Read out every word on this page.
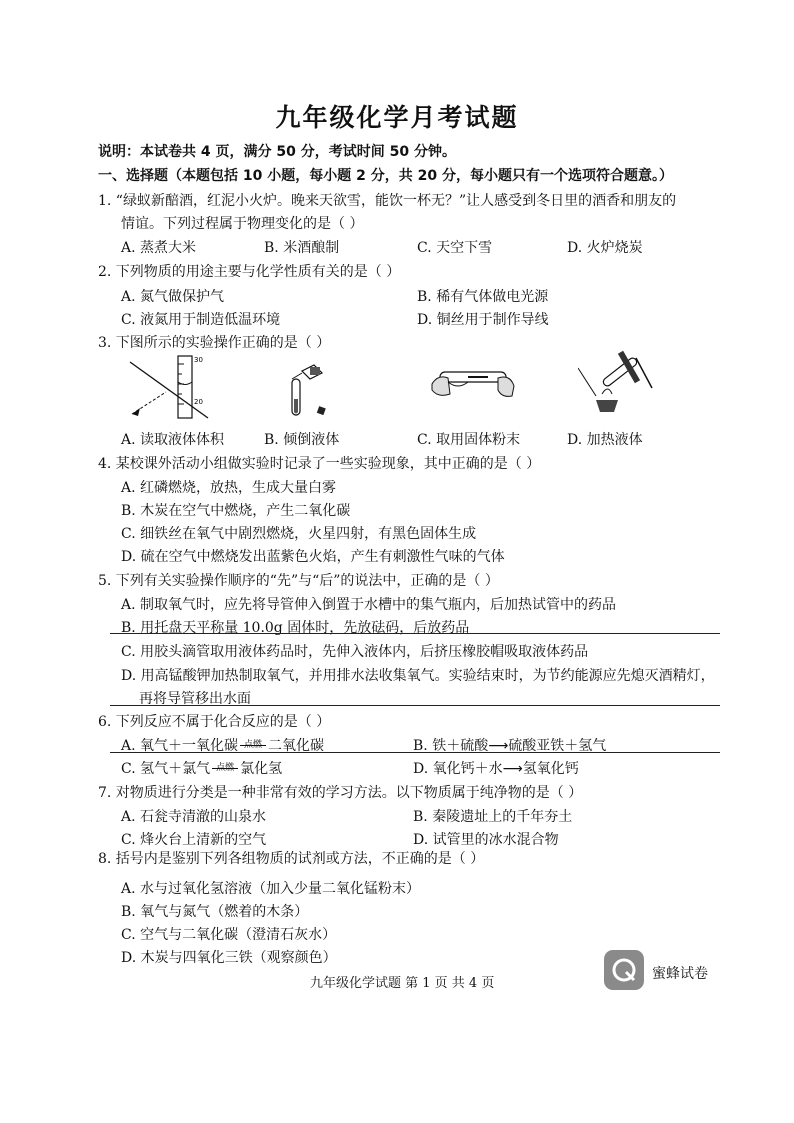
九年级化学月考试题
说明：本试卷共 4 页，满分 50 分，考试时间 50 分钟。
一、选择题（本题包括 10 小题，每小题 2 分，共 20 分，每小题只有一个选项符合题意。）
1. “绿蚁新醅酒，红泥小火炉。晚来天欲雪，能饮一杯无？”让人感受到冬日里的酒香和朋友的
情谊。下列过程属于物理变化的是（ ）
A. 蒸煮大米	B. 米酒酿制	C. 天空下雪	D. 火炉烧炭
2. 下列物质的用途主要与化学性质有关的是（ ）
A. 氮气做保护气	B. 稀有气体做电光源
C. 液氮用于制造低温环境	D. 铜丝用于制作导线
3. 下图所示的实验操作正确的是（ ）
30
20
A. 读取液体体积	B. 倾倒液体	C. 取用固体粉末	D. 加热液体
4. 某校课外活动小组做实验时记录了一些实验现象，其中正确的是（ ）
A. 红磷燃烧，放热，生成大量白雾
B. 木炭在空气中燃烧，产生二氧化碳
C. 细铁丝在氧气中剧烈燃烧，火星四射，有黑色固体生成
D. 硫在空气中燃烧发出蓝紫色火焰，产生有刺激性气味的气体
5. 下列有关实验操作顺序的“先”与“后”的说法中，正确的是（ ）
A. 制取氧气时，应先将导管伸入倒置于水槽中的集气瓶内，后加热试管中的药品
B. 用托盘天平称量 10.0g 固体时，先放砝码，后放药品
C. 用胶头滴管取用液体药品时，先伸入液体内，后挤压橡胶帽吸取液体药品
D. 用高锰酸钾加热制取氧气，并用排水法收集氧气。实验结束时，为节约能源应先熄灭酒精灯，
再将导管移出水面
6. 下列反应不属于化合反应的是（ ）
A. 氧气＋一氧化碳 点燃 二氧化碳	B. 铁＋硫酸⟶硫酸亚铁＋氢气
C. 氢气＋氯气 点燃 氯化氢	D. 氧化钙＋水⟶氢氧化钙
7. 对物质进行分类是一种非常有效的学习方法。以下物质属于纯净物的是（ ）
A. 石瓮寺清澈的山泉水	B. 秦陵遗址上的千年夯土
C. 烽火台上清新的空气	D. 试管里的冰水混合物
8. 括号内是鉴别下列各组物质的试剂或方法，不正确的是（ ）
A. 水与过氧化氢溶液（加入少量二氧化锰粉末）
B. 氧气与氮气（燃着的木条）
C. 空气与二氧化碳（澄清石灰水）
D. 木炭与四氧化三铁（观察颜色）
九年级化学试题 第 1 页 共 4 页
蜜蜂试卷
